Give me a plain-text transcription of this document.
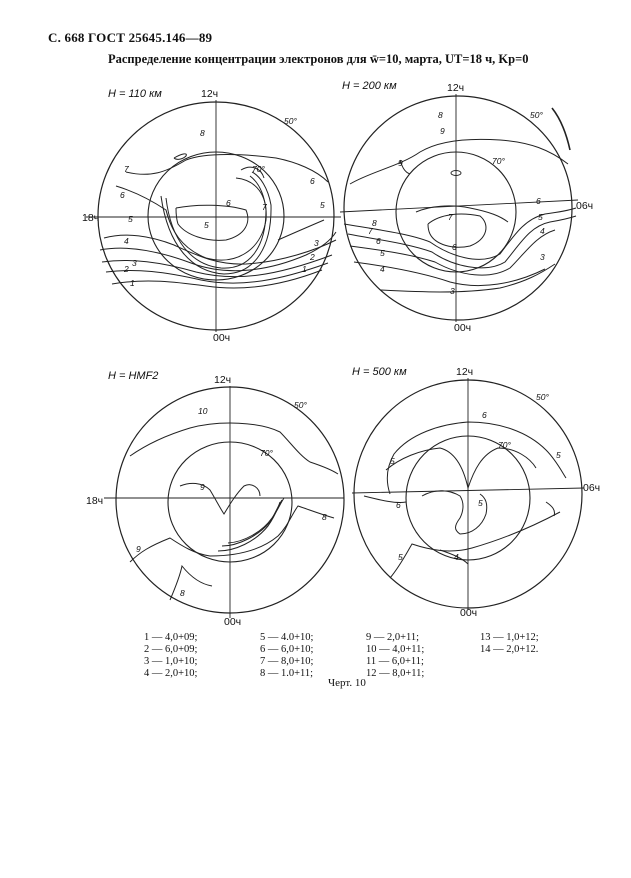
С. 668 ГОСТ 25645.146—89
Распределение концентрации электронов для w̄=10, марта, UT=18 ч, Kp=0
H = 110 км	12ч
18ч
00ч
50°
70°
8
7
6
5
4
3
2
1
6
5
7
6
5
3
2
1
H = 200 км	12ч
06ч
00ч
50°
70°
8
9
9
8
7
6
5
4
3
6
7
6
5
4
3
H = HMF2	12ч
18ч
00ч
50°
70°
10
9
9
8
8
H = 500 км	12ч
06ч
00ч
50°
70°
6
5
5
6	5
4
5
1 — 4,0+09;
2 — 6,0+09;
3 — 1,0+10;
4 — 2,0+10;
5 — 4.0+10;
6 — 6,0+10;
7 — 8,0+10;
8 — 1.0+11;
9 — 2,0+11;
10 — 4,0+11;
11 — 6,0+11;
12 — 8,0+11;
13 — 1,0+12;
14 — 2,0+12.
Черт. 10
